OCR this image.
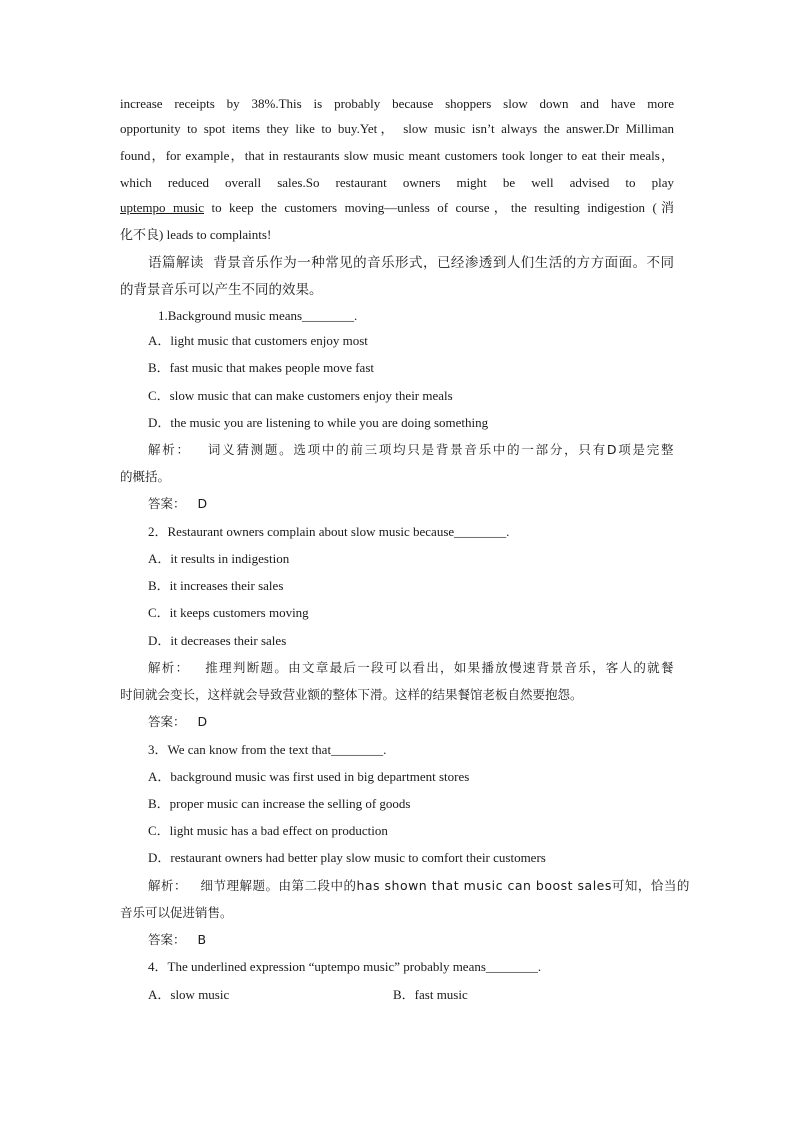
increase receipts by 38%.This is probably because shoppers slow down and have more
opportunity to spot items they like to buy.Yet， slow music isn’t always the answer.Dr Milliman
found，for example，that in restaurants slow music meant customers took longer to eat their meals，
which reduced overall sales.So restaurant owners might be well advised to play
uptempo music to keep the customers moving—unless of course，the resulting indigestion (消
化不良) leads to complaints!
语篇解读 背景音乐作为一种常见的音乐形式，已经渗透到人们生活的方方面面。不同
的背景音乐可以产生不同的效果。
1.Background music means________.
A．light music that customers enjoy most
B．fast music that makes people move fast
C．slow music that can make customers enjoy their meals
D．the music you are listening to while you are doing something
解析： 词义猜测题。选项中的前三项均只是背景音乐中的一部分，只有D项是完整
的概括。
答案： D
2．Restaurant owners complain about slow music because________.
A．it results in indigestion
B．it increases their sales
C．it keeps customers moving
D．it decreases their sales
解析： 推理判断题。由文章最后一段可以看出，如果播放慢速背景音乐，客人的就餐
时间就会变长，这样就会导致营业额的整体下滑。这样的结果餐馆老板自然要抱怨。
答案： D
3．We can know from the text that________.
A．background music was first used in big department stores
B．proper music can increase the selling of goods
C．light music has a bad effect on production
D．restaurant owners had better play slow music to comfort their customers
解析： 细节理解题。由第二段中的has shown that music can boost sales可知，恰当的
音乐可以促进销售。
答案： B
4．The underlined expression “uptempo music” probably means________.
A．slow music	B．fast music
